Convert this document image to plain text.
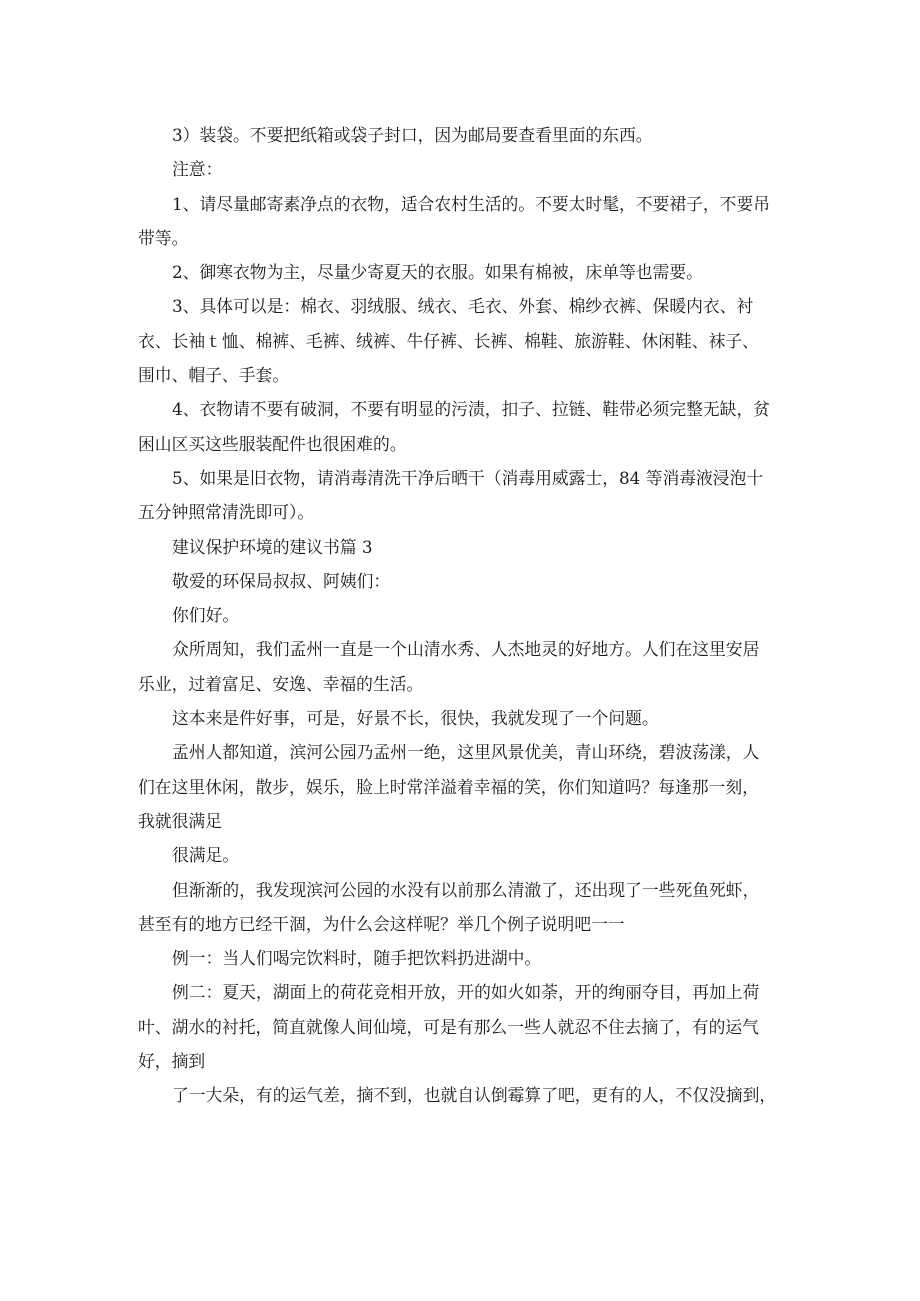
3）装袋。不要把纸箱或袋子封口，因为邮局要查看里面的东西。
注意：
1、请尽量邮寄素净点的衣物，适合农村生活的。不要太时髦，不要裙子，不要吊
带等。
2、御寒衣物为主，尽量少寄夏天的衣服。如果有棉被，床单等也需要。
3、具体可以是：棉衣、羽绒服、绒衣、毛衣、外套、棉纱衣裤、保暖内衣、衬
衣、长袖ｔ恤、棉裤、毛裤、绒裤、牛仔裤、长裤、棉鞋、旅游鞋、休闲鞋、袜子、
围巾、帽子、手套。
4、衣物请不要有破洞，不要有明显的污渍，扣子、拉链、鞋带必须完整无缺，贫
困山区买这些服装配件也很困难的。
5、如果是旧衣物，请消毒清洗干净后晒干（消毒用威露士，84 等消毒液浸泡十
五分钟照常清洗即可）。
建议保护环境的建议书篇 3
敬爱的环保局叔叔、阿姨们：
你们好。
众所周知，我们孟州一直是一个山清水秀、人杰地灵的好地方。人们在这里安居
乐业，过着富足、安逸、幸福的生活。
这本来是件好事，可是，好景不长，很快，我就发现了一个问题。
孟州人都知道，滨河公园乃孟州一绝，这里风景优美，青山环绕，碧波荡漾，人
们在这里休闲，散步，娱乐，脸上时常洋溢着幸福的笑，你们知道吗？每逢那一刻，
我就很满足
很满足。
但渐渐的，我发现滨河公园的水没有以前那么清澈了，还出现了一些死鱼死虾，
甚至有的地方已经干涸，为什么会这样呢？举几个例子说明吧一一
例一：当人们喝完饮料时，随手把饮料扔进湖中。
例二：夏天，湖面上的荷花竞相开放，开的如火如荼，开的绚丽夺目，再加上荷
叶、湖水的衬托，简直就像人间仙境，可是有那么一些人就忍不住去摘了，有的运气
好，摘到
了一大朵，有的运气差，摘不到，也就自认倒霉算了吧，更有的人，不仅没摘到，
